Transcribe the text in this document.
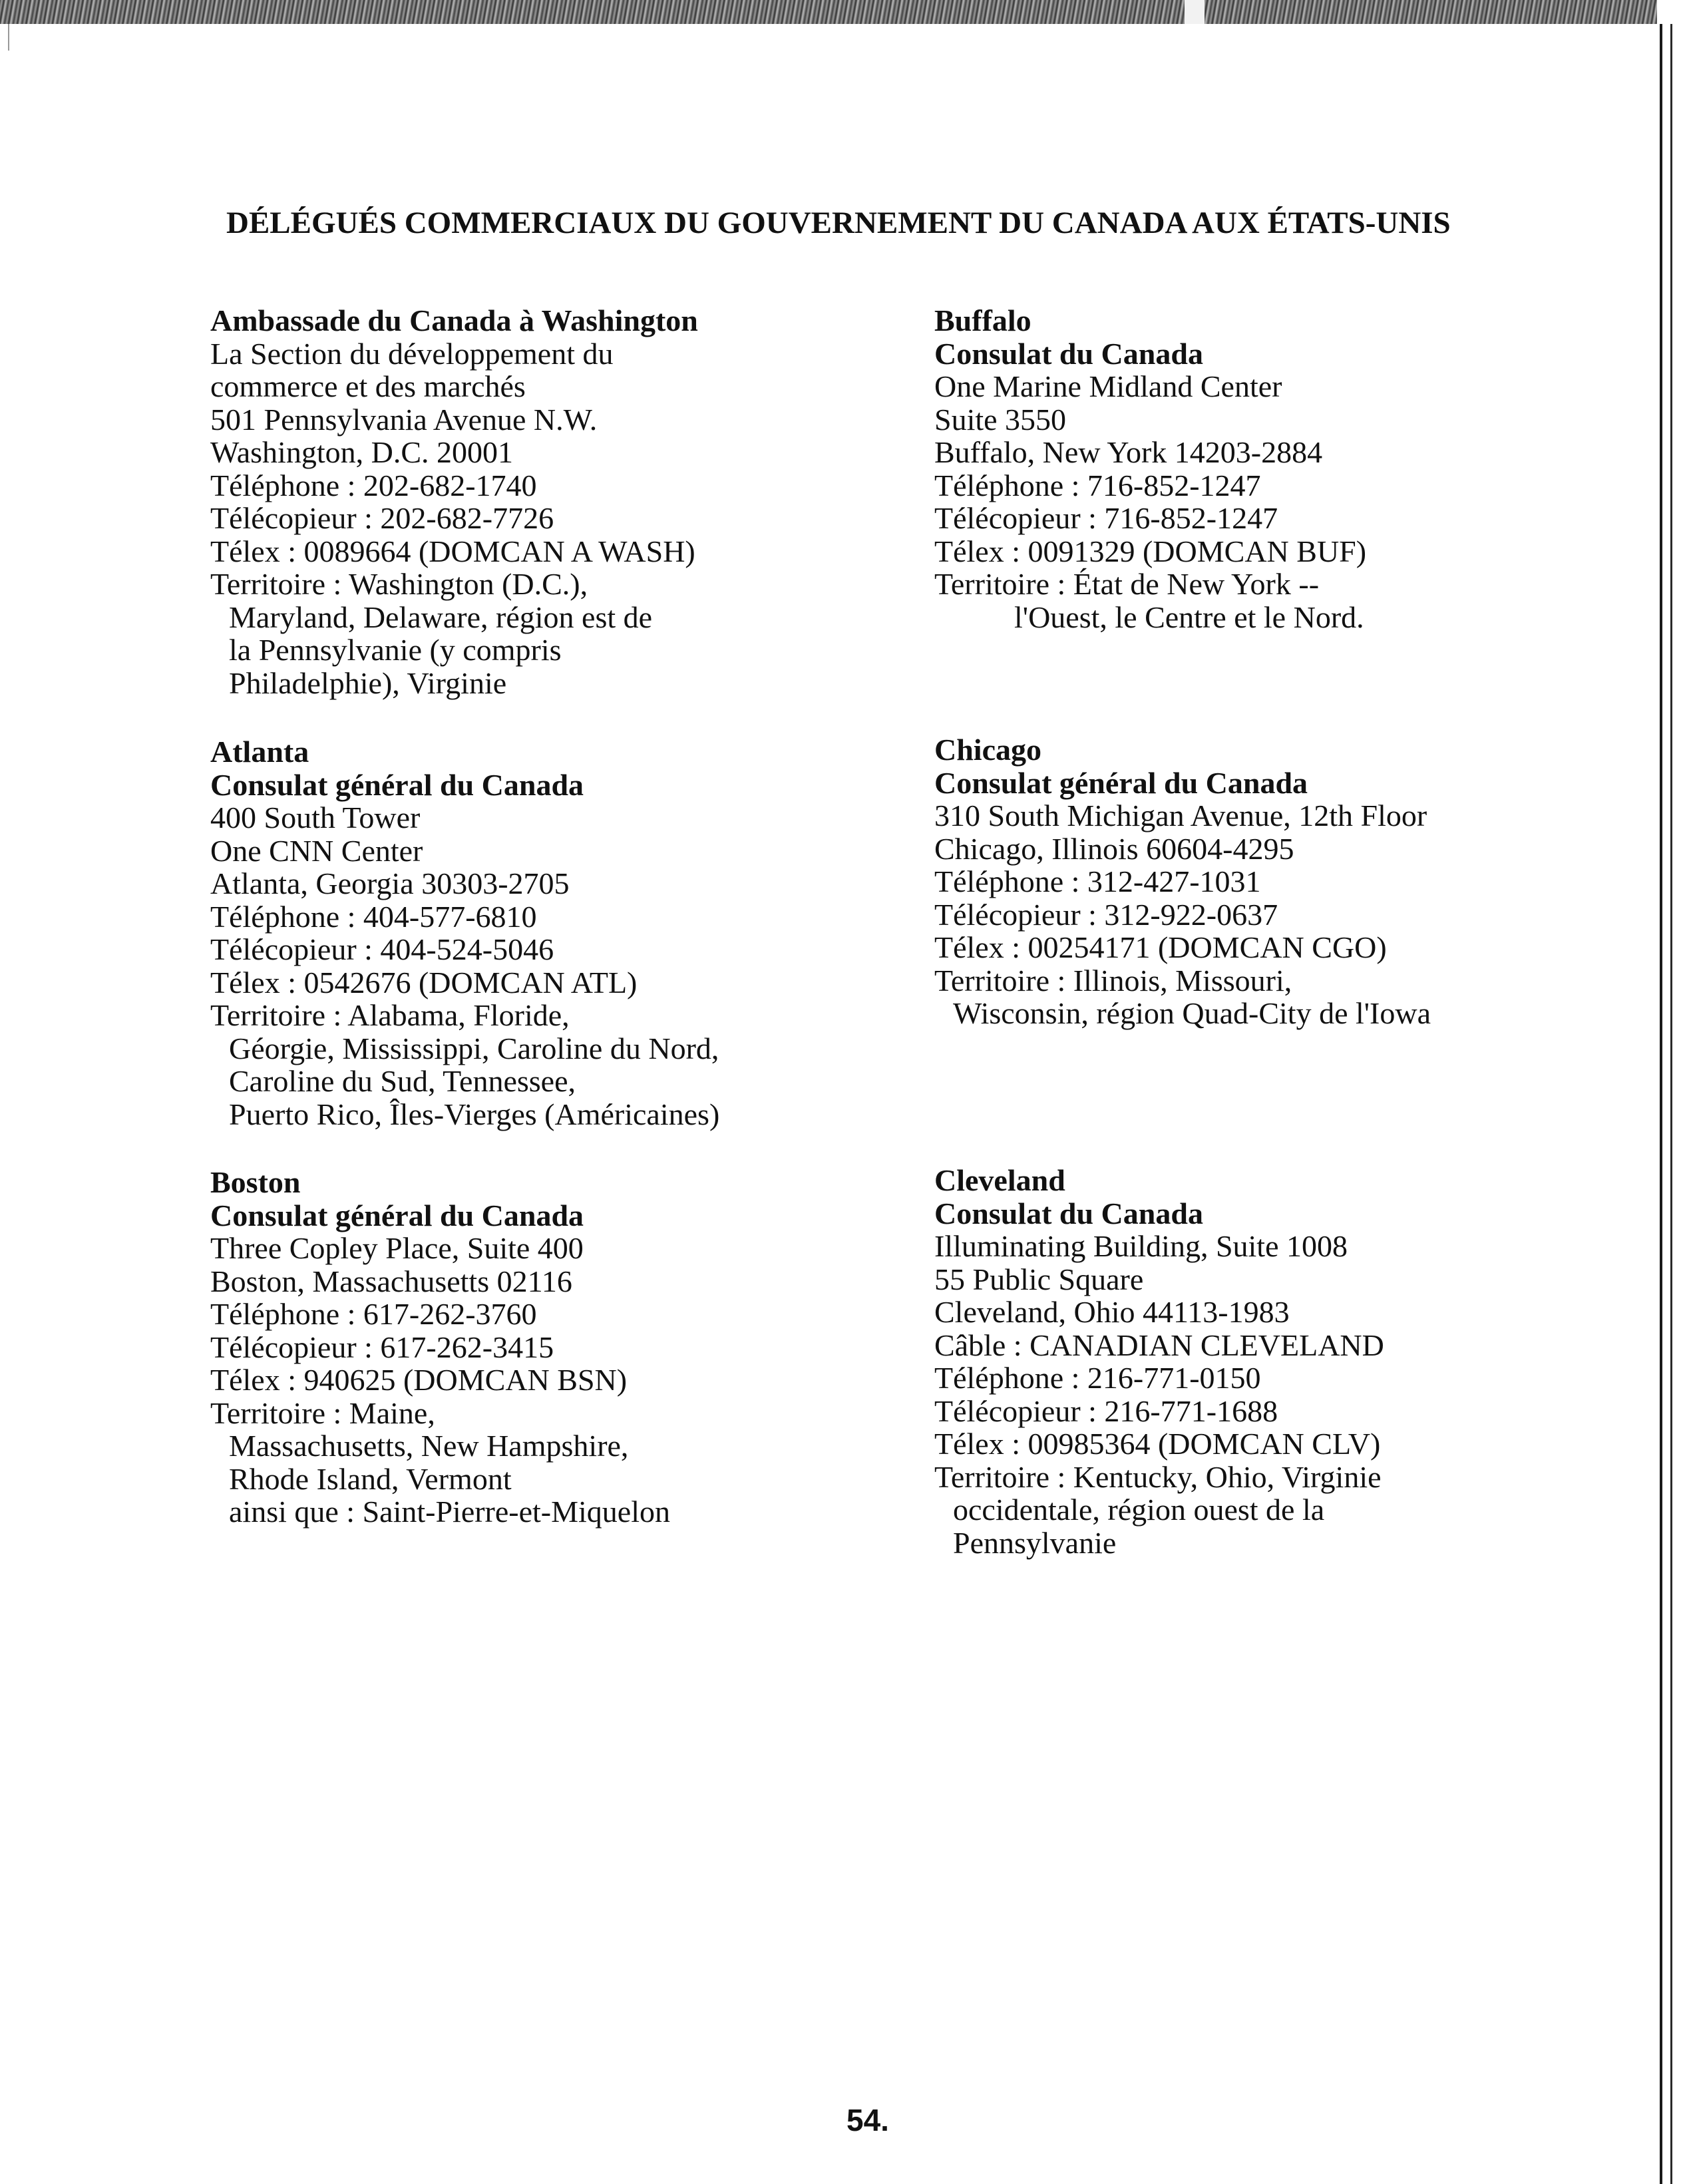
DÉLÉGUÉS COMMERCIAUX DU GOUVERNEMENT DU CANADA AUX ÉTATS-UNIS
Ambassade du Canada à Washington
La Section du développement du
commerce et des marchés
501 Pennsylvania Avenue N.W.
Washington, D.C. 20001
Téléphone : 202-682-1740
Télécopieur : 202-682-7726
Télex : 0089664 (DOMCAN A WASH)
Territoire : Washington (D.C.),
Maryland, Delaware, région est de
la Pennsylvanie (y compris
Philadelphie), Virginie
Buffalo
Consulat du Canada
One Marine Midland Center
Suite 3550
Buffalo, New York 14203-2884
Téléphone : 716-852-1247
Télécopieur : 716-852-1247
Télex : 0091329 (DOMCAN BUF)
Territoire : État de New York --
l'Ouest, le Centre et le Nord.
Atlanta
Consulat général du Canada
400 South Tower
One CNN Center
Atlanta, Georgia 30303-2705
Téléphone : 404-577-6810
Télécopieur : 404-524-5046
Télex : 0542676 (DOMCAN ATL)
Territoire : Alabama, Floride,
Géorgie, Mississippi, Caroline du Nord,
Caroline du Sud, Tennessee,
Puerto Rico, Îles-Vierges (Américaines)
Chicago
Consulat général du Canada
310 South Michigan Avenue, 12th Floor
Chicago, Illinois 60604-4295
Téléphone : 312-427-1031
Télécopieur : 312-922-0637
Télex : 00254171 (DOMCAN CGO)
Territoire : Illinois, Missouri,
Wisconsin, région Quad-City de l'Iowa
Boston
Consulat général du Canada
Three Copley Place, Suite 400
Boston, Massachusetts 02116
Téléphone : 617-262-3760
Télécopieur : 617-262-3415
Télex : 940625 (DOMCAN BSN)
Territoire : Maine,
Massachusetts, New Hampshire,
Rhode Island, Vermont
ainsi que : Saint-Pierre-et-Miquelon
Cleveland
Consulat du Canada
Illuminating Building, Suite 1008
55 Public Square
Cleveland, Ohio 44113-1983
Câble : CANADIAN CLEVELAND
Téléphone : 216-771-0150
Télécopieur : 216-771-1688
Télex : 00985364 (DOMCAN CLV)
Territoire : Kentucky, Ohio, Virginie
occidentale, région ouest de la
Pennsylvanie
54.
